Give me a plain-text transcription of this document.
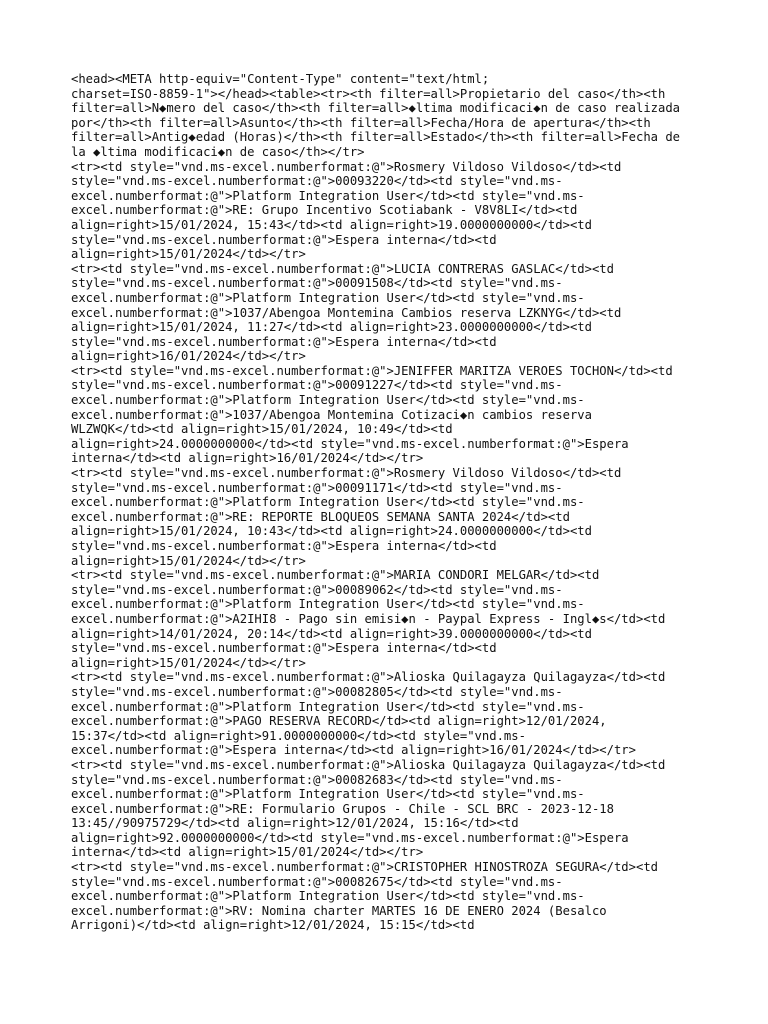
<head><META http-equiv="Content-Type" content="text/html;
charset=ISO-8859-1"></head><table><tr><th filter=all>Propietario del caso</th><th
filter=all>N◆mero del caso</th><th filter=all>◆ltima modificaci◆n de caso realizada
por</th><th filter=all>Asunto</th><th filter=all>Fecha/Hora de apertura</th><th
filter=all>Antig◆edad (Horas)</th><th filter=all>Estado</th><th filter=all>Fecha de
la ◆ltima modificaci◆n de caso</th></tr>
<tr><td style="vnd.ms-excel.numberformat:@">Rosmery Vildoso Vildoso</td><td
style="vnd.ms-excel.numberformat:@">00093220</td><td style="vnd.ms-
excel.numberformat:@">Platform Integration User</td><td style="vnd.ms-
excel.numberformat:@">RE: Grupo Incentivo Scotiabank - V8V8LI</td><td
align=right>15/01/2024, 15:43</td><td align=right>19.0000000000</td><td
style="vnd.ms-excel.numberformat:@">Espera interna</td><td
align=right>15/01/2024</td></tr>
<tr><td style="vnd.ms-excel.numberformat:@">LUCIA CONTRERAS GASLAC</td><td
style="vnd.ms-excel.numberformat:@">00091508</td><td style="vnd.ms-
excel.numberformat:@">Platform Integration User</td><td style="vnd.ms-
excel.numberformat:@">1037/Abengoa Montemina Cambios reserva LZKNYG</td><td
align=right>15/01/2024, 11:27</td><td align=right>23.0000000000</td><td
style="vnd.ms-excel.numberformat:@">Espera interna</td><td
align=right>16/01/2024</td></tr>
<tr><td style="vnd.ms-excel.numberformat:@">JENIFFER MARITZA VEROES TOCHON</td><td
style="vnd.ms-excel.numberformat:@">00091227</td><td style="vnd.ms-
excel.numberformat:@">Platform Integration User</td><td style="vnd.ms-
excel.numberformat:@">1037/Abengoa Montemina Cotizaci◆n cambios reserva
WLZWQK</td><td align=right>15/01/2024, 10:49</td><td
align=right>24.0000000000</td><td style="vnd.ms-excel.numberformat:@">Espera
interna</td><td align=right>16/01/2024</td></tr>
<tr><td style="vnd.ms-excel.numberformat:@">Rosmery Vildoso Vildoso</td><td
style="vnd.ms-excel.numberformat:@">00091171</td><td style="vnd.ms-
excel.numberformat:@">Platform Integration User</td><td style="vnd.ms-
excel.numberformat:@">RE: REPORTE BLOQUEOS SEMANA SANTA 2024</td><td
align=right>15/01/2024, 10:43</td><td align=right>24.0000000000</td><td
style="vnd.ms-excel.numberformat:@">Espera interna</td><td
align=right>15/01/2024</td></tr>
<tr><td style="vnd.ms-excel.numberformat:@">MARIA CONDORI MELGAR</td><td
style="vnd.ms-excel.numberformat:@">00089062</td><td style="vnd.ms-
excel.numberformat:@">Platform Integration User</td><td style="vnd.ms-
excel.numberformat:@">A2IHI8 - Pago sin emisi◆n - Paypal Express - Ingl◆s</td><td
align=right>14/01/2024, 20:14</td><td align=right>39.0000000000</td><td
style="vnd.ms-excel.numberformat:@">Espera interna</td><td
align=right>15/01/2024</td></tr>
<tr><td style="vnd.ms-excel.numberformat:@">Alioska Quilagayza Quilagayza</td><td
style="vnd.ms-excel.numberformat:@">00082805</td><td style="vnd.ms-
excel.numberformat:@">Platform Integration User</td><td style="vnd.ms-
excel.numberformat:@">PAGO RESERVA RECORD</td><td align=right>12/01/2024,
15:37</td><td align=right>91.0000000000</td><td style="vnd.ms-
excel.numberformat:@">Espera interna</td><td align=right>16/01/2024</td></tr>
<tr><td style="vnd.ms-excel.numberformat:@">Alioska Quilagayza Quilagayza</td><td
style="vnd.ms-excel.numberformat:@">00082683</td><td style="vnd.ms-
excel.numberformat:@">Platform Integration User</td><td style="vnd.ms-
excel.numberformat:@">RE: Formulario Grupos - Chile - SCL BRC - 2023-12-18
13:45//90975729</td><td align=right>12/01/2024, 15:16</td><td
align=right>92.0000000000</td><td style="vnd.ms-excel.numberformat:@">Espera
interna</td><td align=right>15/01/2024</td></tr>
<tr><td style="vnd.ms-excel.numberformat:@">CRISTOPHER HINOSTROZA SEGURA</td><td
style="vnd.ms-excel.numberformat:@">00082675</td><td style="vnd.ms-
excel.numberformat:@">Platform Integration User</td><td style="vnd.ms-
excel.numberformat:@">RV: Nomina charter MARTES 16 DE ENERO 2024 (Besalco
Arrigoni)</td><td align=right>12/01/2024, 15:15</td><td
